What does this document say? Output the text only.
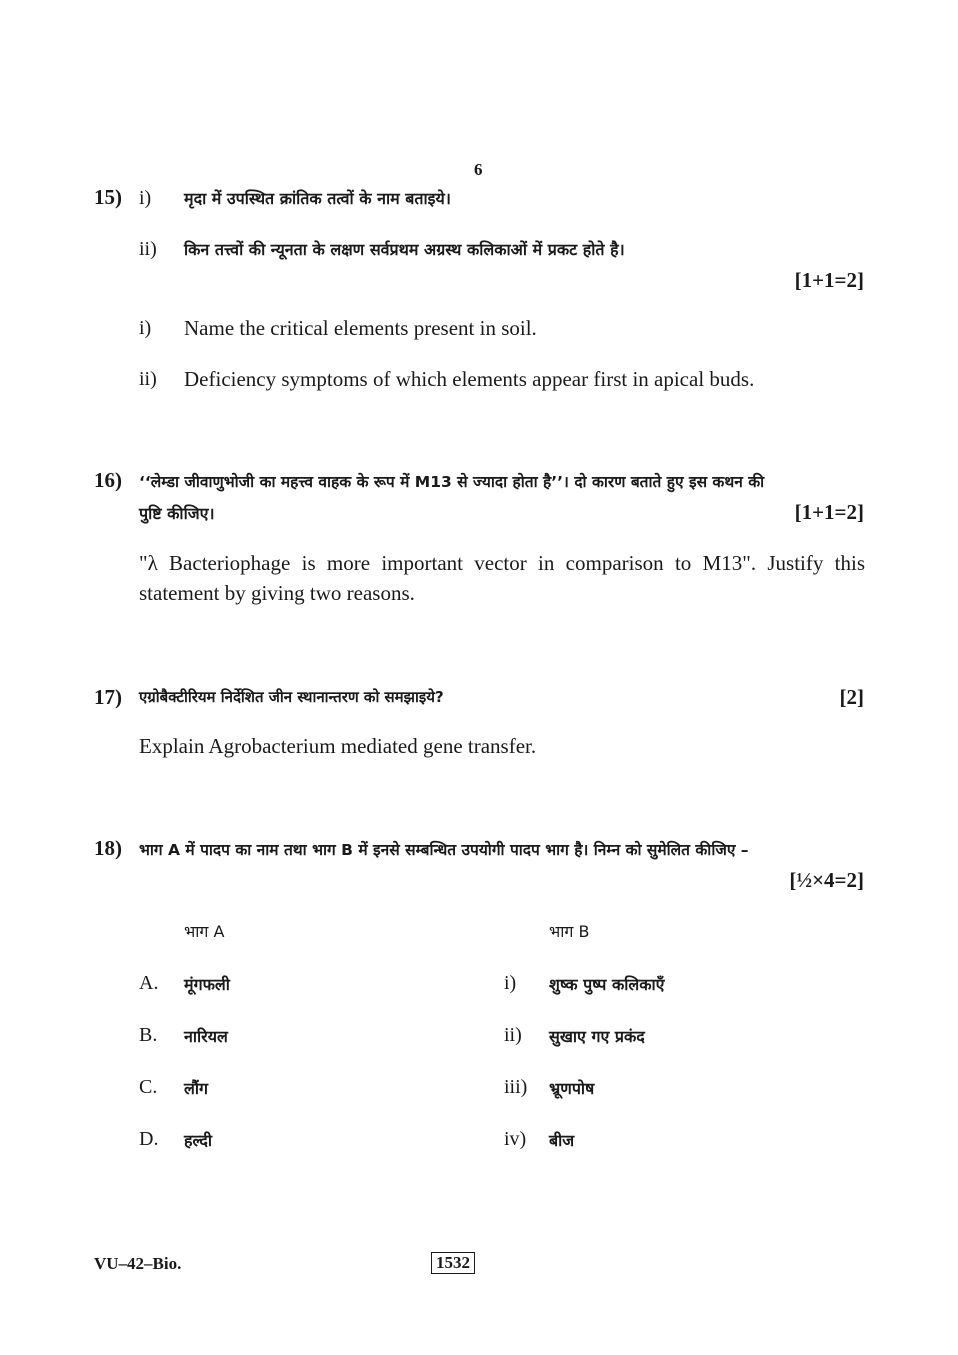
6
15) i) मृदा में उपस्थित क्रांतिक तत्वों के नाम बताइये।
ii) किन तत्त्वों की न्यूनता के लक्षण सर्वप्रथम अग्रस्थ कलिकाओं में प्रकट होते है।
[1+1=2]
i) Name the critical elements present in soil.
ii) Deficiency symptoms of which elements appear first in apical buds.
16) ‘‘लेम्डा जीवाणुभोजी का महत्त्व वाहक के रूप में M13 से ज्यादा होता है’’। दो कारण बताते हुए इस कथन की
पुष्टि कीजिए।	[1+1=2]
"λ Bacteriophage is more important vector in comparison to M13". Justify this statement by giving two reasons.
17) एग्रोबैक्टीरियम निर्देशित जीन स्थानान्तरण को समझाइये?	[2]
Explain Agrobacterium mediated gene transfer.
18) भाग A में पादप का नाम तथा भाग B में इनसे सम्बन्धित उपयोगी पादप भाग है। निम्न को सुमेलित कीजिए –
[½×4=2]
भाग A	भाग B
A. मूंगफली	i) शुष्क पुष्प कलिकाएँ
B. नारियल	ii) सुखाए गए प्रकंद
C. लौंग	iii) भ्रूणपोष
D. हल्दी	iv) बीज
VU–42–Bio.	1532
